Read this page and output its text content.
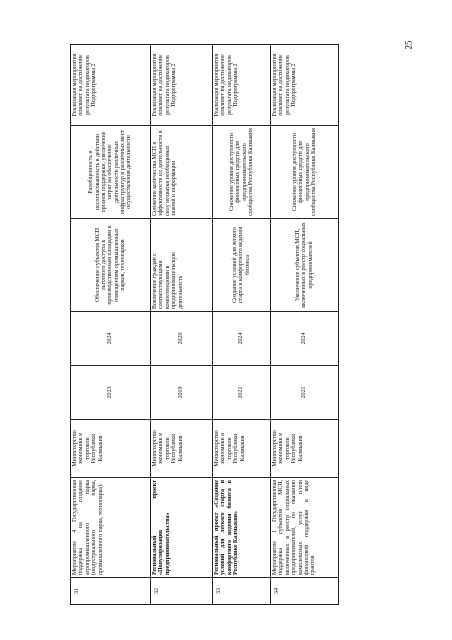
25
31	Мероприятие 4 Государственная поддержка на создание агропромышленного парка (индустриального парка, промышленного парка, технопарка).	Министерство экономики и торговли Республики Калмыкия	2023	2024	Обеспечение субъектов МСП льготного доступа к производственным площадям и помещениям промышленных парков, технопарков	Разобщенность и несогласованность в действии органов поддержки, увеличение затрат на обеспечение деятельности различных инфраструктур и различных мест осуществления деятельности	Реализация мероприятия повлияет на достижение результата индикаторов Подпрограммы 2
32	Региональный проект «Популяризация предпринимательства»	Министерство экономики и торговли Республики Калмыкия	2019	2020	Вовлечение граждан с соответствующими компетенциями в предпринимательскую деятельность	Снижение количества МСП и эффективности их деятельности в силу нехватки необходимых знаний и информации	Реализация мероприятия повлияет на достижение результата индикаторов Подпрограммы 2
33	Региональный проект «Создание условий для легкого старта и комфортного ведения бизнеса в Республике Калмыкия»	Министерство экономики и торговли Республики Калмыкия	2021	2024	Создание условий для легкого старта и комфортного ведения бизнеса	Снижение уровня доступности финансовых средств для предпринимательского сообщества Республики Калмыкия	Реализация мероприятия повлияет на достижение результата индикаторов Подпрограммы 2
34	Мероприятие 1 Государственная поддержка субъектов МСП, включенных в реестр социальных предпринимателей, по оказанию комплексных услуг и/или финансовой поддержки в виде грантов	Министерство экономики и торговли Республики Калмыкия	2021	2024	Увеличение субъектов МСП, включенных в реестр социальных предпринимателей	Снижение уровня доступности финансовых средств для предпринимательского сообщества Республики Калмыкия	Реализация мероприятия повлияет на достижение результата индикаторов Подпрограммы 2
